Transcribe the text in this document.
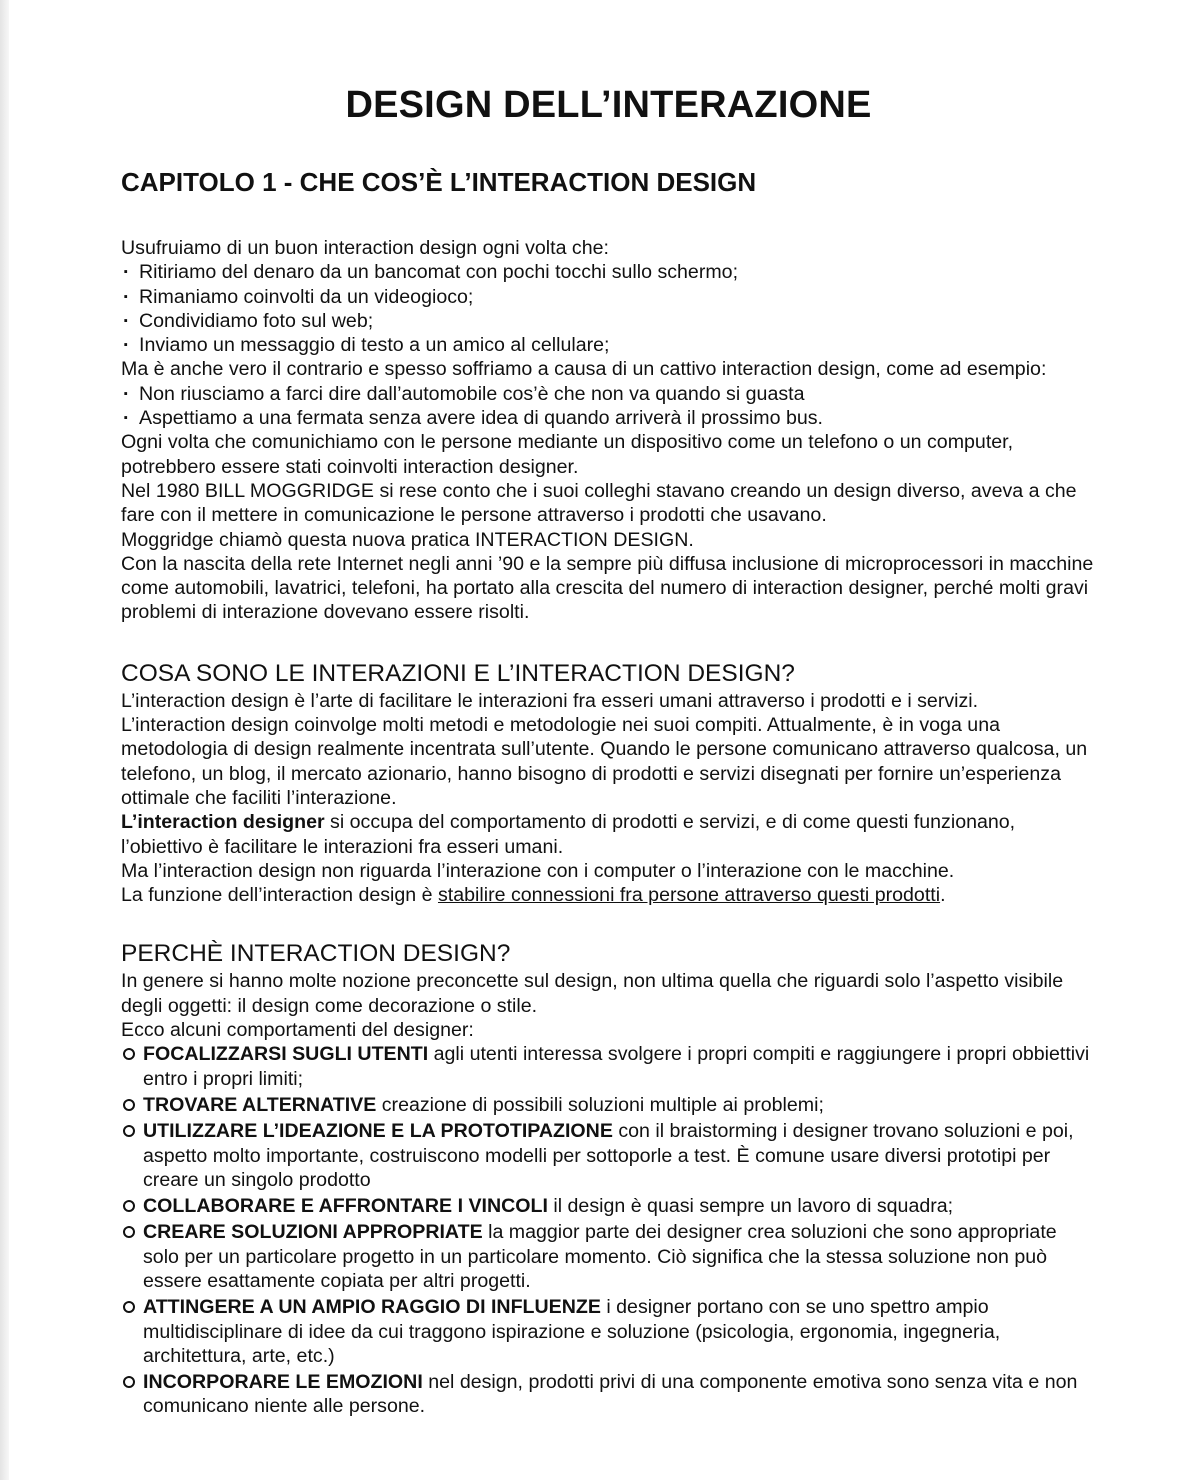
DESIGN DELL’INTERAZIONE
CAPITOLO 1 - CHE COS’È L’INTERACTION DESIGN

Usufruiamo di un buon interaction design ogni volta che:

· Ritiriamo del denaro da un bancomat con pochi tocchi sullo schermo;

· Rimaniamo coinvolti da un videogioco;

· Condividiamo foto sul web;

· Inviamo un messaggio di testo a un amico al cellulare;

Ma è anche vero il contrario e spesso soffriamo a causa di un cattivo interaction design, come ad esempio:

· Non riusciamo a farci dire dall’automobile cos’è che non va quando si guasta

· Aspettiamo a una fermata senza avere idea di quando arriverà il prossimo bus.

Ogni volta che comunichiamo con le persone mediante un dispositivo come un telefono o un computer, potrebbero essere stati coinvolti interaction designer.

Nel 1980 BILL MOGGRIDGE si rese conto che i suoi colleghi stavano creando un design diverso, aveva a che fare con il mettere in comunicazione le persone attraverso i prodotti che usavano.

Moggridge chiamò questa nuova pratica INTERACTION DESIGN.

Con la nascita della rete Internet negli anni ’90 e la sempre più diffusa inclusione di microprocessori in macchine come automobili, lavatrici, telefoni, ha portato alla crescita del numero di interaction designer, perché molti gravi problemi di interazione dovevano essere risolti.

COSA SONO LE INTERAZIONI E L’INTERACTION DESIGN?

L’interaction design è l’arte di facilitare le interazioni fra esseri umani attraverso i prodotti e i servizi.

L’interaction design coinvolge molti metodi e metodologie nei suoi compiti. Attualmente, è in voga una metodologia di design realmente incentrata sull’utente. Quando le persone comunicano attraverso qualcosa, un telefono, un blog, il mercato azionario, hanno bisogno di prodotti e servizi disegnati per fornire un’esperienza ottimale che faciliti l’interazione.

L’interaction designer si occupa del comportamento di prodotti e servizi, e di come questi funzionano, l’obiettivo è facilitare le interazioni fra esseri umani.

Ma l’interaction design non riguarda l’interazione con i computer o l’interazione con le macchine.

La funzione dell’interaction design è stabilire connessioni fra persone attraverso questi prodotti.

PERCHÈ INTERACTION DESIGN?

In genere si hanno molte nozione preconcette sul design, non ultima quella che riguardi solo l’aspetto visibile degli oggetti: il design come decorazione o stile.

Ecco alcuni comportamenti del designer:

FOCALIZZARSI SUGLI UTENTI agli utenti interessa svolgere i propri compiti e raggiungere i propri obbiettivi entro i propri limiti;
TROVARE ALTERNATIVE creazione di possibili soluzioni multiple ai problemi;
UTILIZZARE L’IDEAZIONE E LA PROTOTIPAZIONE con il braistorming i designer trovano soluzioni e poi, aspetto molto importante, costruiscono modelli per sottoporle a test. È comune usare diversi prototipi per creare un singolo prodotto
COLLABORARE E AFFRONTARE I VINCOLI il design è quasi sempre un lavoro di squadra;
CREARE SOLUZIONI APPROPRIATE la maggior parte dei designer crea soluzioni che sono appropriate solo per un particolare progetto in un particolare momento. Ciò significa che la stessa soluzione non può essere esattamente copiata per altri progetti.
ATTINGERE A UN AMPIO RAGGIO DI INFLUENZE i designer portano con se uno spettro ampio multidisciplinare di idee da cui traggono ispirazione e soluzione (psicologia, ergonomia, ingegneria, architettura, arte, etc.)
INCORPORARE LE EMOZIONI nel design, prodotti privi di una componente emotiva sono senza vita e non comunicano niente alle persone.
